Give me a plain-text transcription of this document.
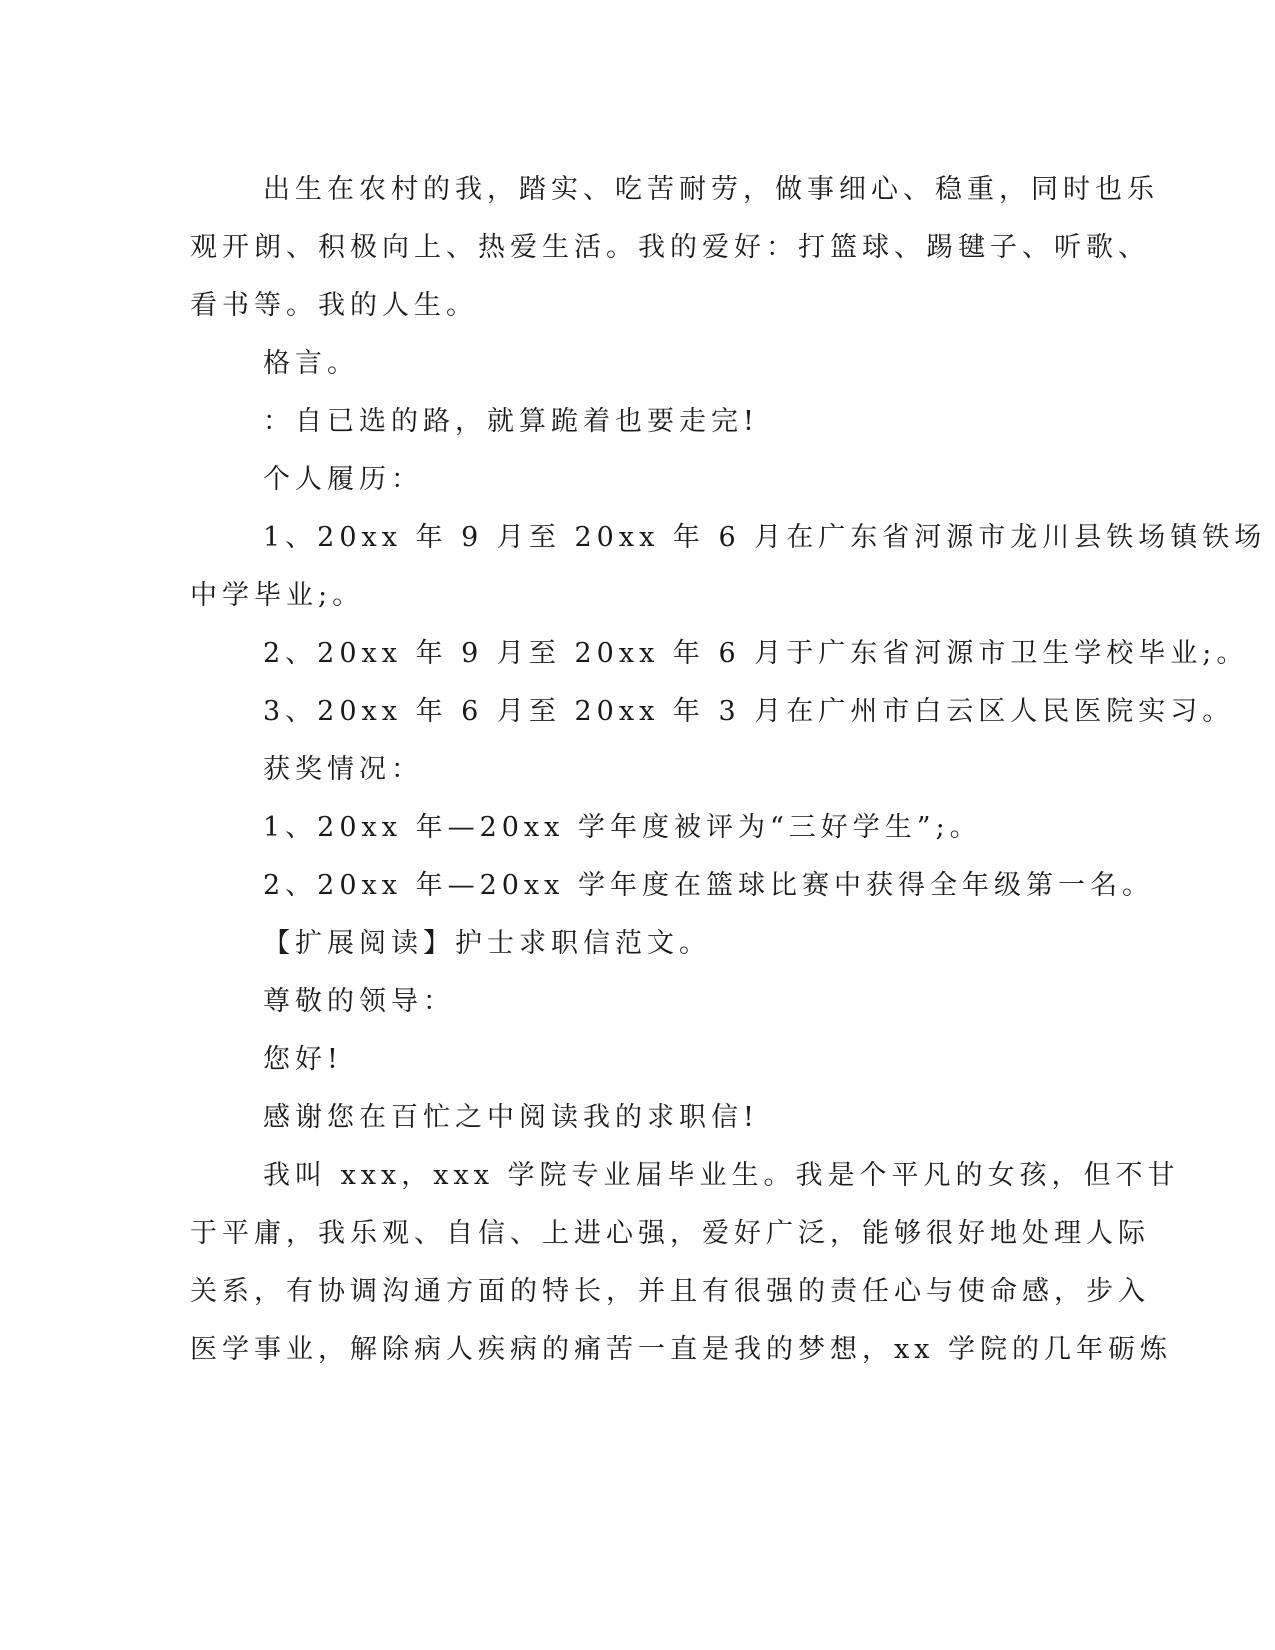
出生在农村的我，踏实、吃苦耐劳，做事细心、稳重，同时也乐
观开朗、积极向上、热爱生活。我的爱好：打篮球、踢毽子、听歌、
看书等。我的人生。
格言。
：自已选的路，就算跪着也要走完!
个人履历：
1、20xx 年 9 月至 20xx 年 6 月在广东省河源市龙川县铁场镇铁场
中学毕业;。
2、20xx 年 9 月至 20xx 年 6 月于广东省河源市卫生学校毕业;。
3、20xx 年 6 月至 20xx 年 3 月在广州市白云区人民医院实习。
获奖情况：
1、20xx 年—20xx 学年度被评为“三好学生”;。
2、20xx 年—20xx 学年度在篮球比赛中获得全年级第一名。
【扩展阅读】护士求职信范文。
尊敬的领导：
您好!
感谢您在百忙之中阅读我的求职信!
我叫 xxx，xxx 学院专业届毕业生。我是个平凡的女孩，但不甘
于平庸，我乐观、自信、上进心强，爱好广泛，能够很好地处理人际
关系，有协调沟通方面的特长，并且有很强的责任心与使命感，步入
医学事业，解除病人疾病的痛苦一直是我的梦想，xx 学院的几年砺炼
